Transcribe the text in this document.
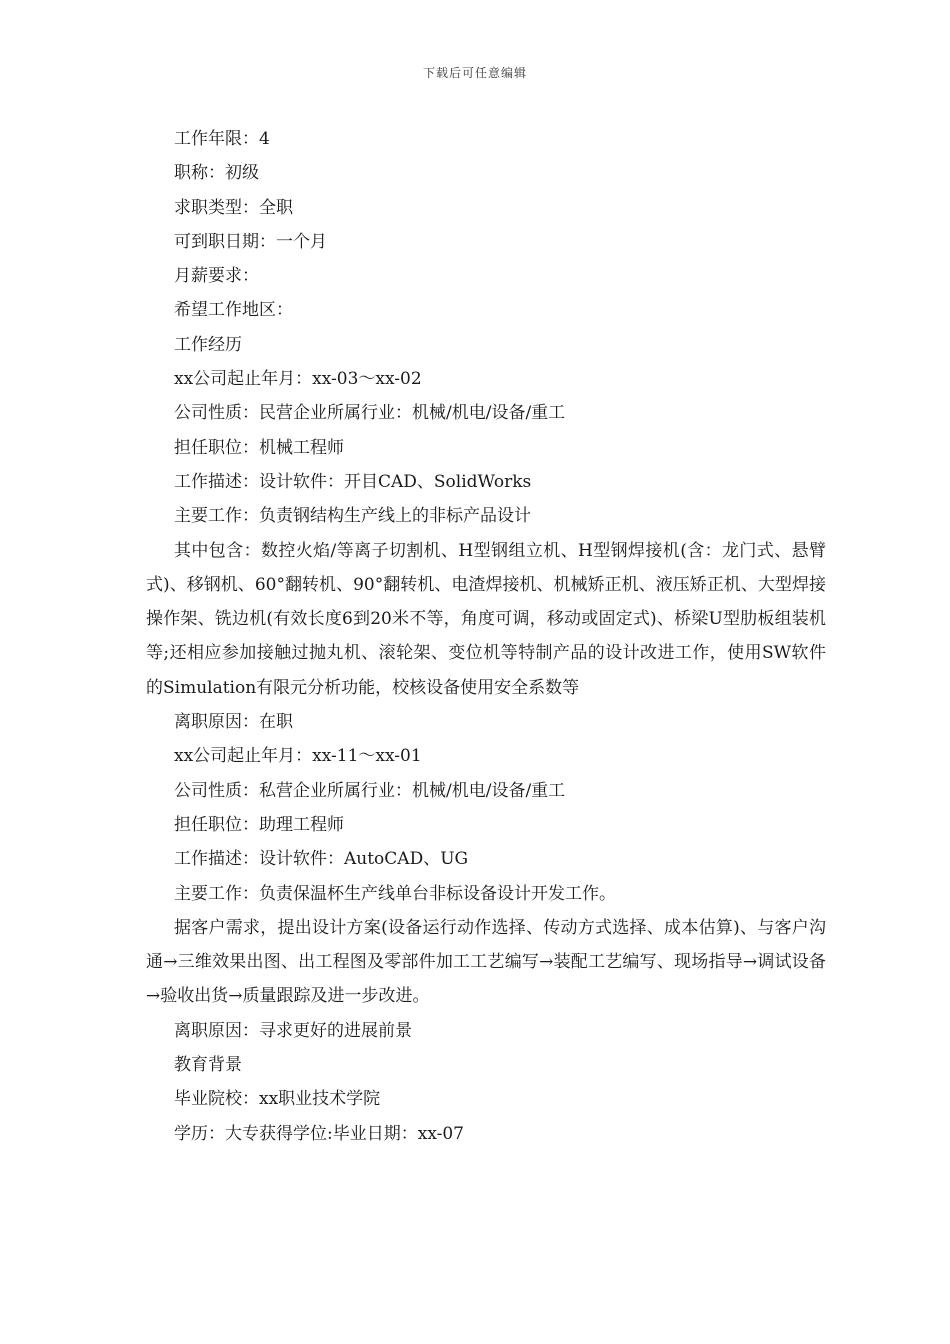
下载后可任意编辑
工作年限：4
职称：初级
求职类型：全职
可到职日期：一个月
月薪要求：
希望工作地区：
工作经历
xx公司起止年月：xx-03～xx-02
公司性质：民营企业所属行业：机械/机电/设备/重工
担任职位：机械工程师
工作描述：设计软件：开目CAD、SolidWorks
主要工作：负责钢结构生产线上的非标产品设计
其中包含：数控火焰/等离子切割机、H型钢组立机、H型钢焊接机(含：龙门式、悬臂式)、移钢机、60°翻转机、90°翻转机、电渣焊接机、机械矫正机、液压矫正机、大型焊接操作架、铣边机(有效长度6到20米不等，角度可调，移动或固定式)、桥梁U型肋板组装机等;还相应参加接触过抛丸机、滚轮架、变位机等特制产品的设计改进工作，使用SW软件的Simulation有限元分析功能，校核设备使用安全系数等
离职原因：在职
xx公司起止年月：xx-11～xx-01
公司性质：私营企业所属行业：机械/机电/设备/重工
担任职位：助理工程师
工作描述：设计软件：AutoCAD、UG
主要工作：负责保温杯生产线单台非标设备设计开发工作。
据客户需求，提出设计方案(设备运行动作选择、传动方式选择、成本估算)、与客户沟通→三维效果出图、出工程图及零部件加工工艺编写→装配工艺编写、现场指导→调试设备→验收出货→质量跟踪及进一步改进。
离职原因：寻求更好的进展前景
教育背景
毕业院校：xx职业技术学院
学历：大专获得学位:毕业日期：xx-07
